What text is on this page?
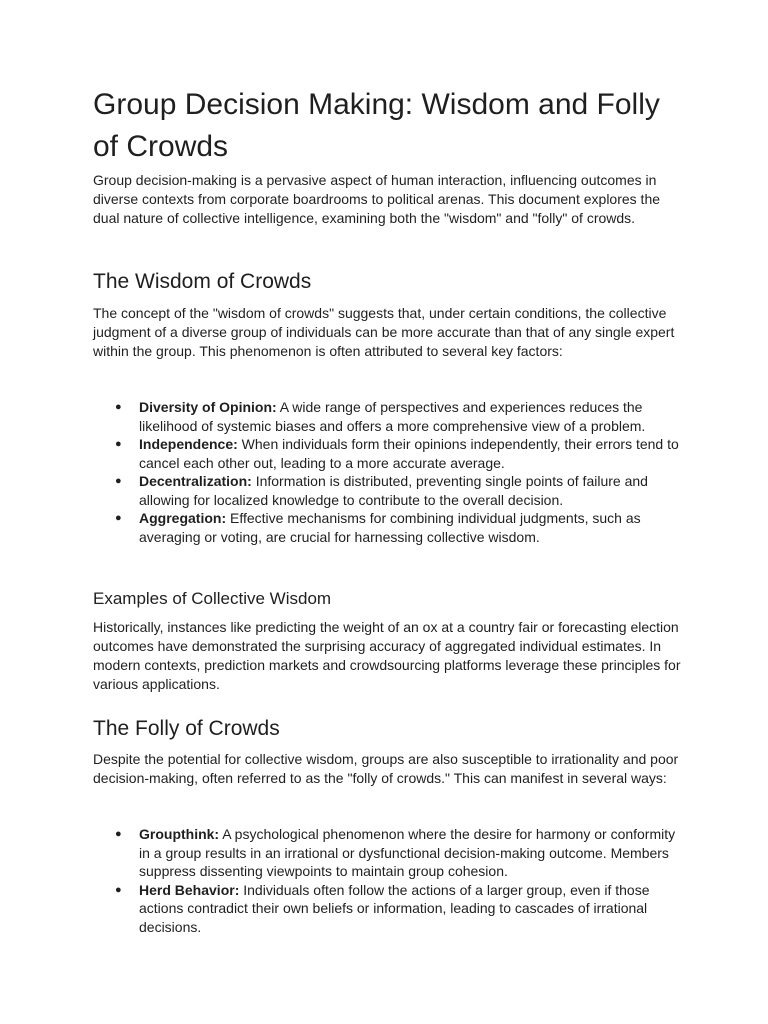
Group Decision Making: Wisdom and Folly of Crowds

Group decision-making is a pervasive aspect of human interaction, influencing outcomes in diverse contexts from corporate boardrooms to political arenas. This document explores the dual nature of collective intelligence, examining both the "wisdom" and "folly" of crowds.

The Wisdom of Crowds

The concept of the "wisdom of crowds" suggests that, under certain conditions, the collective judgment of a diverse group of individuals can be more accurate than that of any single expert within the group. This phenomenon is often attributed to several key factors:

● Diversity of Opinion: A wide range of perspectives and experiences reduces the likelihood of systemic biases and offers a more comprehensive view of a problem.
● Independence: When individuals form their opinions independently, their errors tend to cancel each other out, leading to a more accurate average.
● Decentralization: Information is distributed, preventing single points of failure and allowing for localized knowledge to contribute to the overall decision.
● Aggregation: Effective mechanisms for combining individual judgments, such as averaging or voting, are crucial for harnessing collective wisdom.
Examples of Collective Wisdom

Historically, instances like predicting the weight of an ox at a country fair or forecasting election outcomes have demonstrated the surprising accuracy of aggregated individual estimates. In modern contexts, prediction markets and crowdsourcing platforms leverage these principles for various applications.

The Folly of Crowds

Despite the potential for collective wisdom, groups are also susceptible to irrationality and poor decision-making, often referred to as the "folly of crowds." This can manifest in several ways:

● Groupthink: A psychological phenomenon where the desire for harmony or conformity in a group results in an irrational or dysfunctional decision-making outcome. Members suppress dissenting viewpoints to maintain group cohesion.
● Herd Behavior: Individuals often follow the actions of a larger group, even if those actions contradict their own beliefs or information, leading to cascades of irrational decisions.
